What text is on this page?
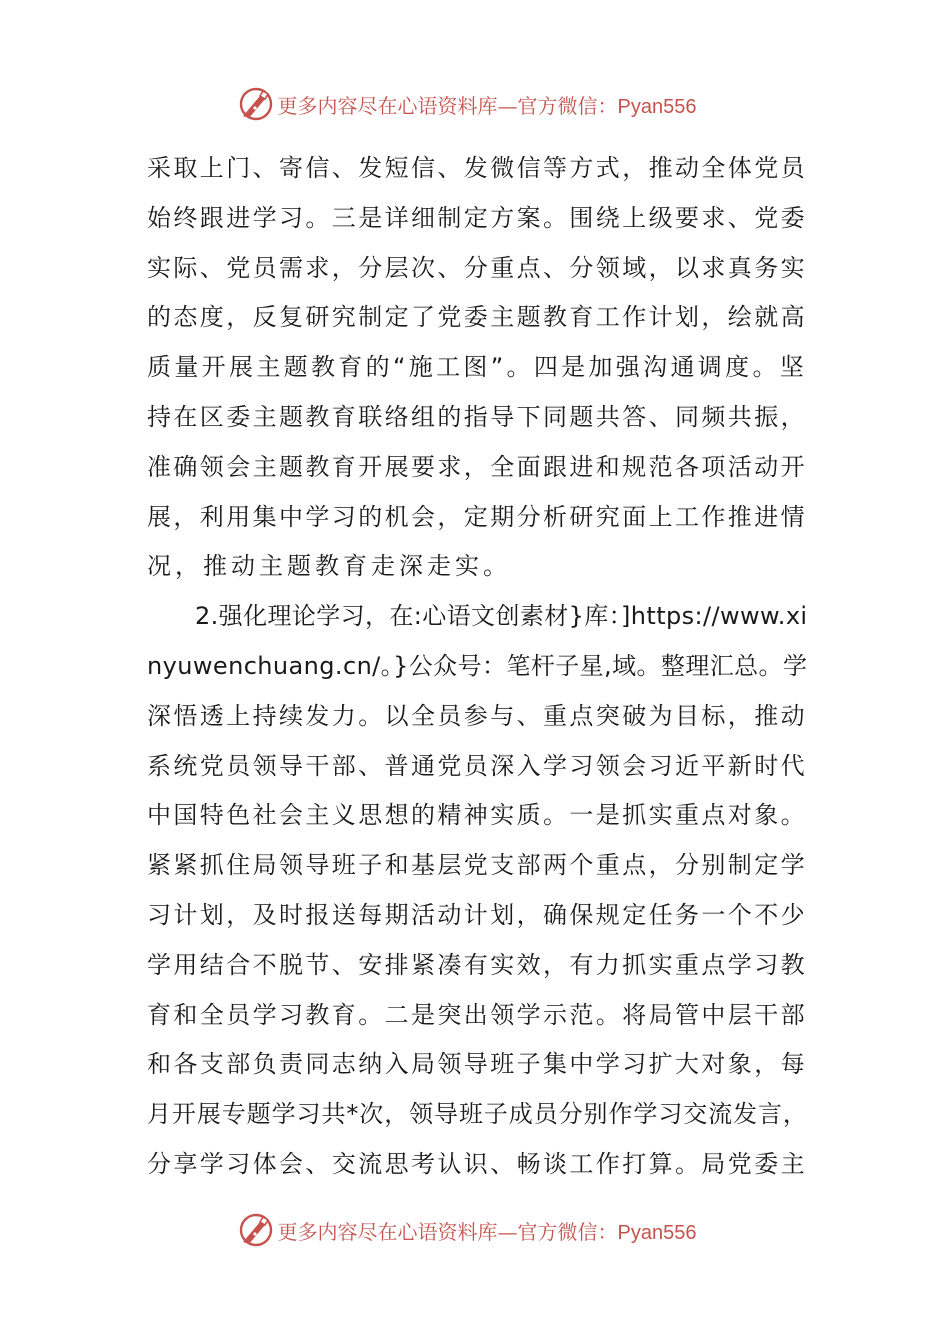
更多内容尽在心语资料库—官方微信：Pyan556
采取上门、寄信、发短信、发微信等方式，推动全体党员
始终跟进学习。三是详细制定方案。围绕上级要求、党委
实际、党员需求，分层次、分重点、分领域，以求真务实
的态度，反复研究制定了党委主题教育工作计划，绘就高
质量开展主题教育的“施工图”。四是加强沟通调度。坚
持在区委主题教育联络组的指导下同题共答、同频共振，
准确领会主题教育开展要求，全面跟进和规范各项活动开
展，利用集中学习的机会，定期分析研究面上工作推进情
况，推动主题教育走深走实。
2.强化理论学习，在:心语文创素材}库：]https://www.xi
nyuwenchuang.cn/。}公众号：笔杆子星,域。整理汇总。学
深悟透上持续发力。以全员参与、重点突破为目标，推动
系统党员领导干部、普通党员深入学习领会习近平新时代
中国特色社会主义思想的精神实质。一是抓实重点对象。
紧紧抓住局领导班子和基层党支部两个重点，分别制定学
习计划，及时报送每期活动计划，确保规定任务一个不少
学用结合不脱节、安排紧凑有实效，有力抓实重点学习教
育和全员学习教育。二是突出领学示范。将局管中层干部
和各支部负责同志纳入局领导班子集中学习扩大对象，每
月开展专题学习共*次，领导班子成员分别作学习交流发言，
分享学习体会、交流思考认识、畅谈工作打算。局党委主
更多内容尽在心语资料库—官方微信：Pyan556
